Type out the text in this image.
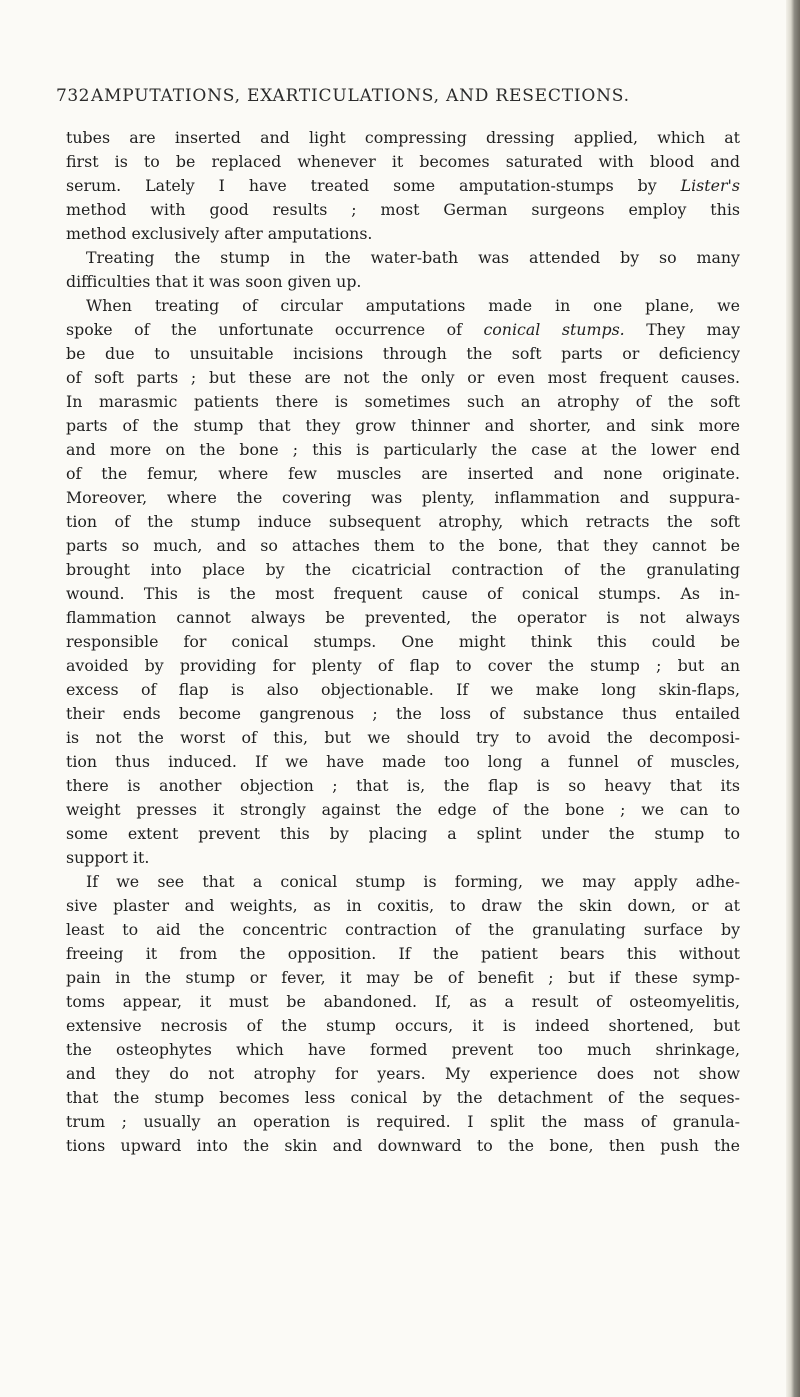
732 AMPUTATIONS, EXARTICULATIONS, AND RESECTIONS.
tubes are inserted and light compressing dressing applied, which at
first is to be replaced whenever it becomes saturated with blood and
serum. Lately I have treated some amputation-stumps by Lister's
method with good results ; most German surgeons employ this
method exclusively after amputations.
Treating the stump in the water-bath was attended by so many
difficulties that it was soon given up.
When treating of circular amputations made in one plane, we
spoke of the unfortunate occurrence of conical stumps. They may
be due to unsuitable incisions through the soft parts or deficiency
of soft parts ; but these are not the only or even most frequent causes.
In marasmic patients there is sometimes such an atrophy of the soft
parts of the stump that they grow thinner and shorter, and sink more
and more on the bone ; this is particularly the case at the lower end
of the femur, where few muscles are inserted and none originate.
Moreover, where the covering was plenty, inflammation and suppura-
tion of the stump induce subsequent atrophy, which retracts the soft
parts so much, and so attaches them to the bone, that they cannot be
brought into place by the cicatricial contraction of the granulating
wound. This is the most frequent cause of conical stumps. As in-
flammation cannot always be prevented, the operator is not always
responsible for conical stumps. One might think this could be
avoided by providing for plenty of flap to cover the stump ; but an
excess of flap is also objectionable. If we make long skin-flaps,
their ends become gangrenous ; the loss of substance thus entailed
is not the worst of this, but we should try to avoid the decomposi-
tion thus induced. If we have made too long a funnel of muscles,
there is another objection ; that is, the flap is so heavy that its
weight presses it strongly against the edge of the bone ; we can to
some extent prevent this by placing a splint under the stump to
support it.
If we see that a conical stump is forming, we may apply adhe-
sive plaster and weights, as in coxitis, to draw the skin down, or at
least to aid the concentric contraction of the granulating surface by
freeing it from the opposition. If the patient bears this without
pain in the stump or fever, it may be of benefit ; but if these symp-
toms appear, it must be abandoned. If, as a result of osteomyelitis,
extensive necrosis of the stump occurs, it is indeed shortened, but
the osteophytes which have formed prevent too much shrinkage,
and they do not atrophy for years. My experience does not show
that the stump becomes less conical by the detachment of the seques-
trum ; usually an operation is required. I split the mass of granula-
tions upward into the skin and downward to the bone, then push the
